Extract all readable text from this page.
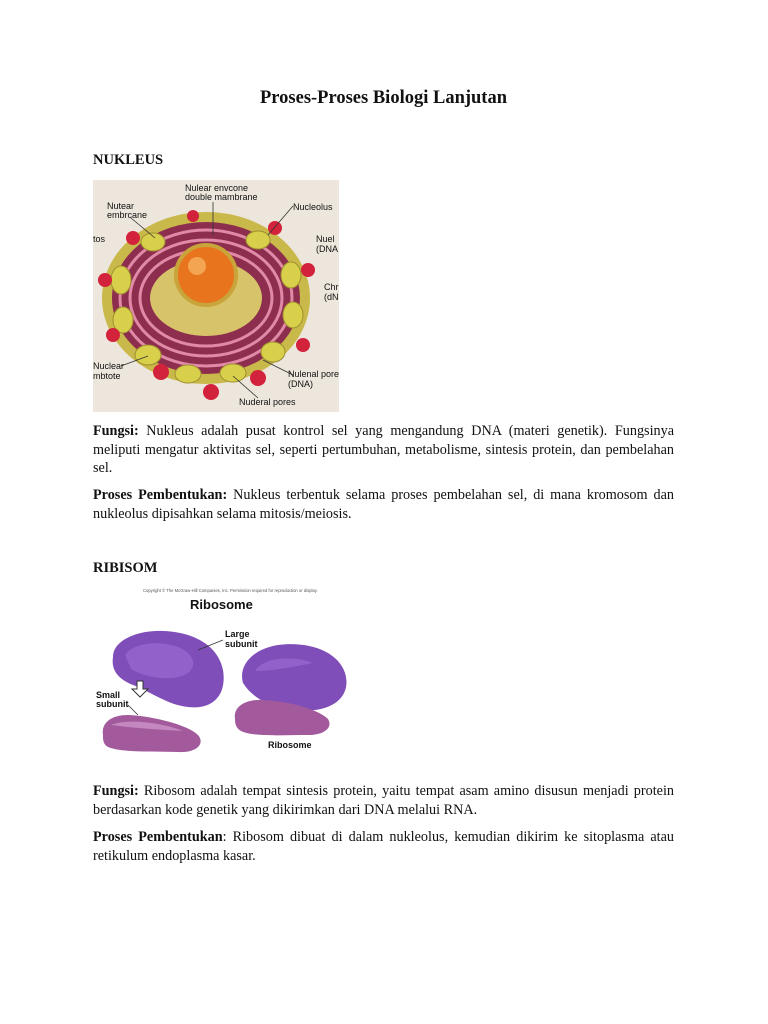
Proses-Proses Biologi Lanjutan
NUKLEUS
Nulear envcone
double mambrane
Nutear
embrcane
tos
Nucleolus
Nuel
(DNA
Chr
(dN
Nuclear
mbtote	Nulenal pore
(DNA)
Nuderal pores

Fungsi: Nukleus adalah pusat kontrol sel yang mengandung DNA (materi genetik). Fungsinya meliputi mengatur aktivitas sel, seperti pertumbuhan, metabolisme, sintesis protein, dan pembelahan sel.

Proses Pembentukan: Nukleus terbentuk selama proses pembelahan sel, di mana kromosom dan nukleolus dipisahkan selama mitosis/meiosis.

RIBISOM
Copyright © The McGraw-Hill Companies, Inc. Permission required for reproduction or display.
Ribosome
Large
subunit
Small
subunit
Ribosome

Fungsi: Ribosom adalah tempat sintesis protein, yaitu tempat asam amino disusun menjadi protein berdasarkan kode genetik yang dikirimkan dari DNA melalui RNA.

Proses Pembentukan: Ribosom dibuat di dalam nukleolus, kemudian dikirim ke sitoplasma atau retikulum endoplasma kasar.
